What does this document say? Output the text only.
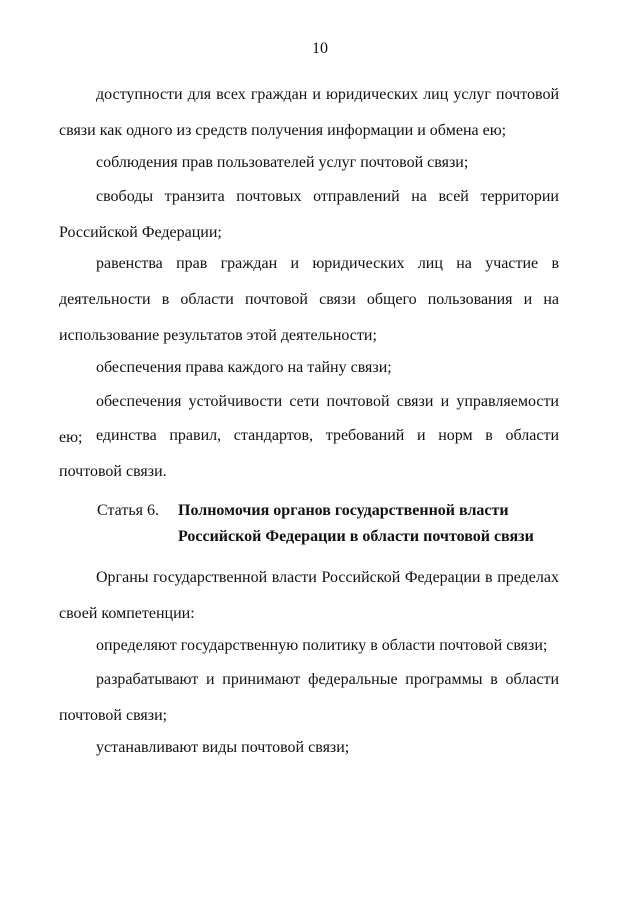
10
доступности для всех граждан и юридических лиц услуг почтовой
связи как одного из средств получения информации и обмена ею;
соблюдения прав пользователей услуг почтовой связи;
свободы транзита почтовых отправлений на всей территории
Российской Федерации;
равенства прав граждан и юридических лиц на участие в
деятельности в области почтовой связи общего пользования и на
использование результатов этой деятельности;
обеспечения права каждого на тайну связи;
обеспечения устойчивости сети почтовой связи и управляемости ею; единства правил, стандартов, требований и норм в области
почтовой связи.
Органы государственной власти Российской Федерации в пределах
своей компетенции:
определяют государственную политику в области почтовой связи;
разрабатывают и принимают федеральные программы в области
почтовой связи;
устанавливают виды почтовой связи;
Статья 6. Полномочия органов государственной власти
Российской Федерации в области почтовой связи
